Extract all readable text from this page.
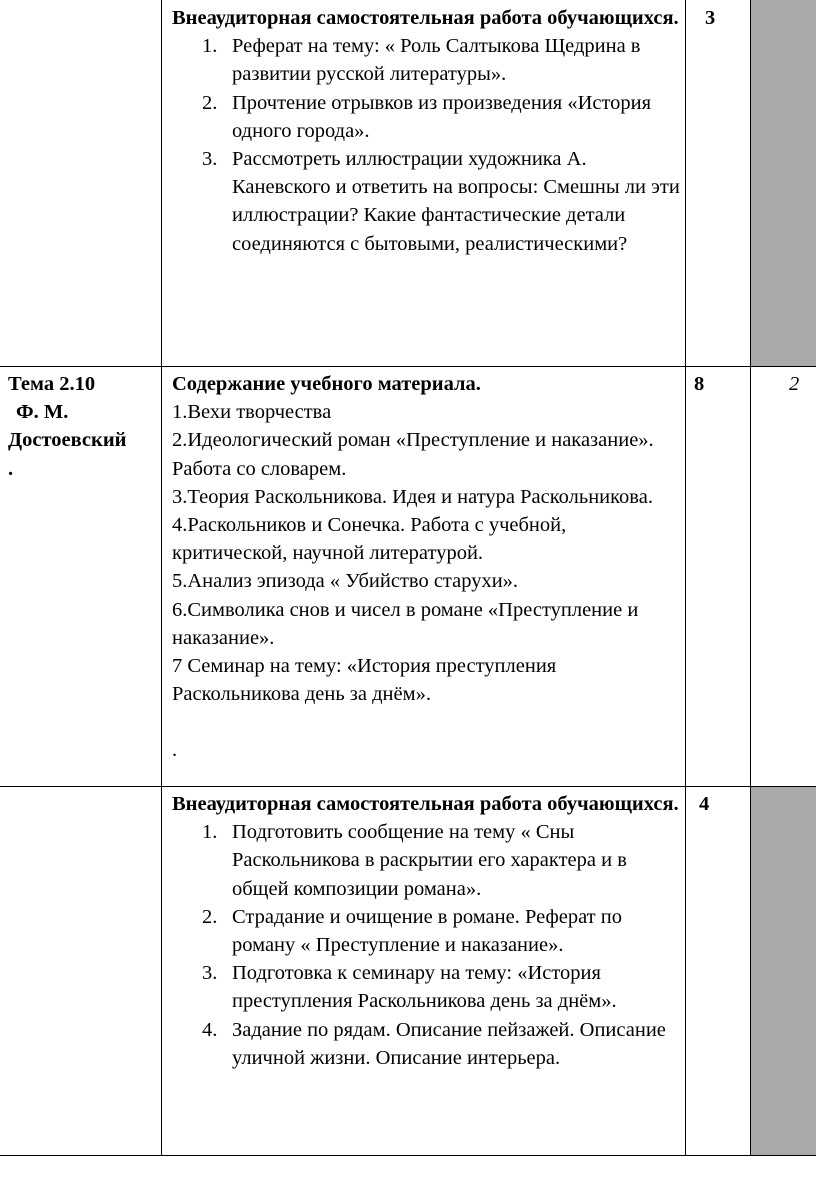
Внеаудиторная самостоятельная работа обучающихся.
1. Реферат на тему: « Роль Салтыкова Щедрина в развитии русской литературы».
2. Прочтение отрывков из произведения «История одного города».
3. Рассмотреть иллюстрации художника А. Каневского и ответить на вопросы: Смешны ли эти иллюстрации? Какие фантастические детали соединяются с бытовыми, реалистическими?
3
Тема 2.10
Ф. М.
Достоевский
.
Содержание учебного материала.

1.Вехи творчества

2.Идеологический роман «Преступление и наказание». Работа со словарем.

3.Теория Раскольникова. Идея и натура Раскольникова.

4.Раскольников и Сонечка. Работа с учебной, критической, научной литературой.

5.Анализ эпизода « Убийство старухи».

6.Символика снов и чисел в романе «Преступление и наказание».

7 Семинар на тему: «История преступления Раскольникова день за днём».

.

8	2
Внеаудиторная самостоятельная работа обучающихся.
1. Подготовить сообщение на тему « Сны Раскольникова в раскрытии его характера и в общей композиции романа».
2. Страдание и очищение в романе. Реферат по роману « Преступление и наказание».
3. Подготовка к семинару на тему: «История преступления Раскольникова день за днём».
4. Задание по рядам. Описание пейзажей. Описание уличной жизни. Описание интерьера.
4
